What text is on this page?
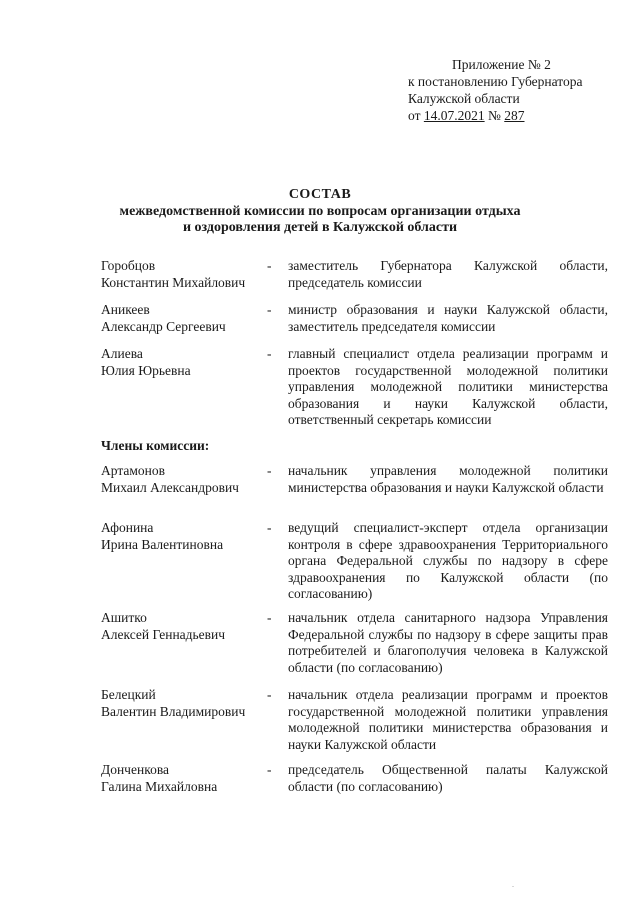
Приложение № 2
к постановлению Губернатора
Калужской области
от 14.07.2021 № 287
СОСТАВ
межведомственной комиссии по вопросам организации отдыха
и оздоровления детей в Калужской области
Горобцов
Константин Михайлович
- заместитель Губернатора Калужской области, председатель комиссии
Аникеев
Александр Сергеевич
- министр образования и науки Калужской области, заместитель председателя комиссии
Алиева
Юлия Юрьевна
- главный специалист отдела реализации программ и проектов государственной молодежной политики управления молодежной политики министерства образования и науки Калужской области, ответственный секретарь комиссии
Члены комиссии:
Артамонов
Михаил Александрович
- начальник управления молодежной политики министерства образования и науки Калужской области
Афонина
Ирина Валентиновна
- ведущий специалист-эксперт отдела организации контроля в сфере здравоохранения Территориального органа Федеральной службы по надзору в сфере здравоохранения по Калужской области (по согласованию)
Ашитко
Алексей Геннадьевич
- начальник отдела санитарного надзора Управления Федеральной службы по надзору в сфере защиты прав потребителей и благополучия человека в Калужской области (по согласованию)
Белецкий
Валентин Владимирович
- начальник отдела реализации программ и проектов государственной молодежной политики управления молодежной политики министерства образования и науки Калужской области
Донченкова
Галина Михайловна
- председатель Общественной палаты Калужской области (по согласованию)
.
